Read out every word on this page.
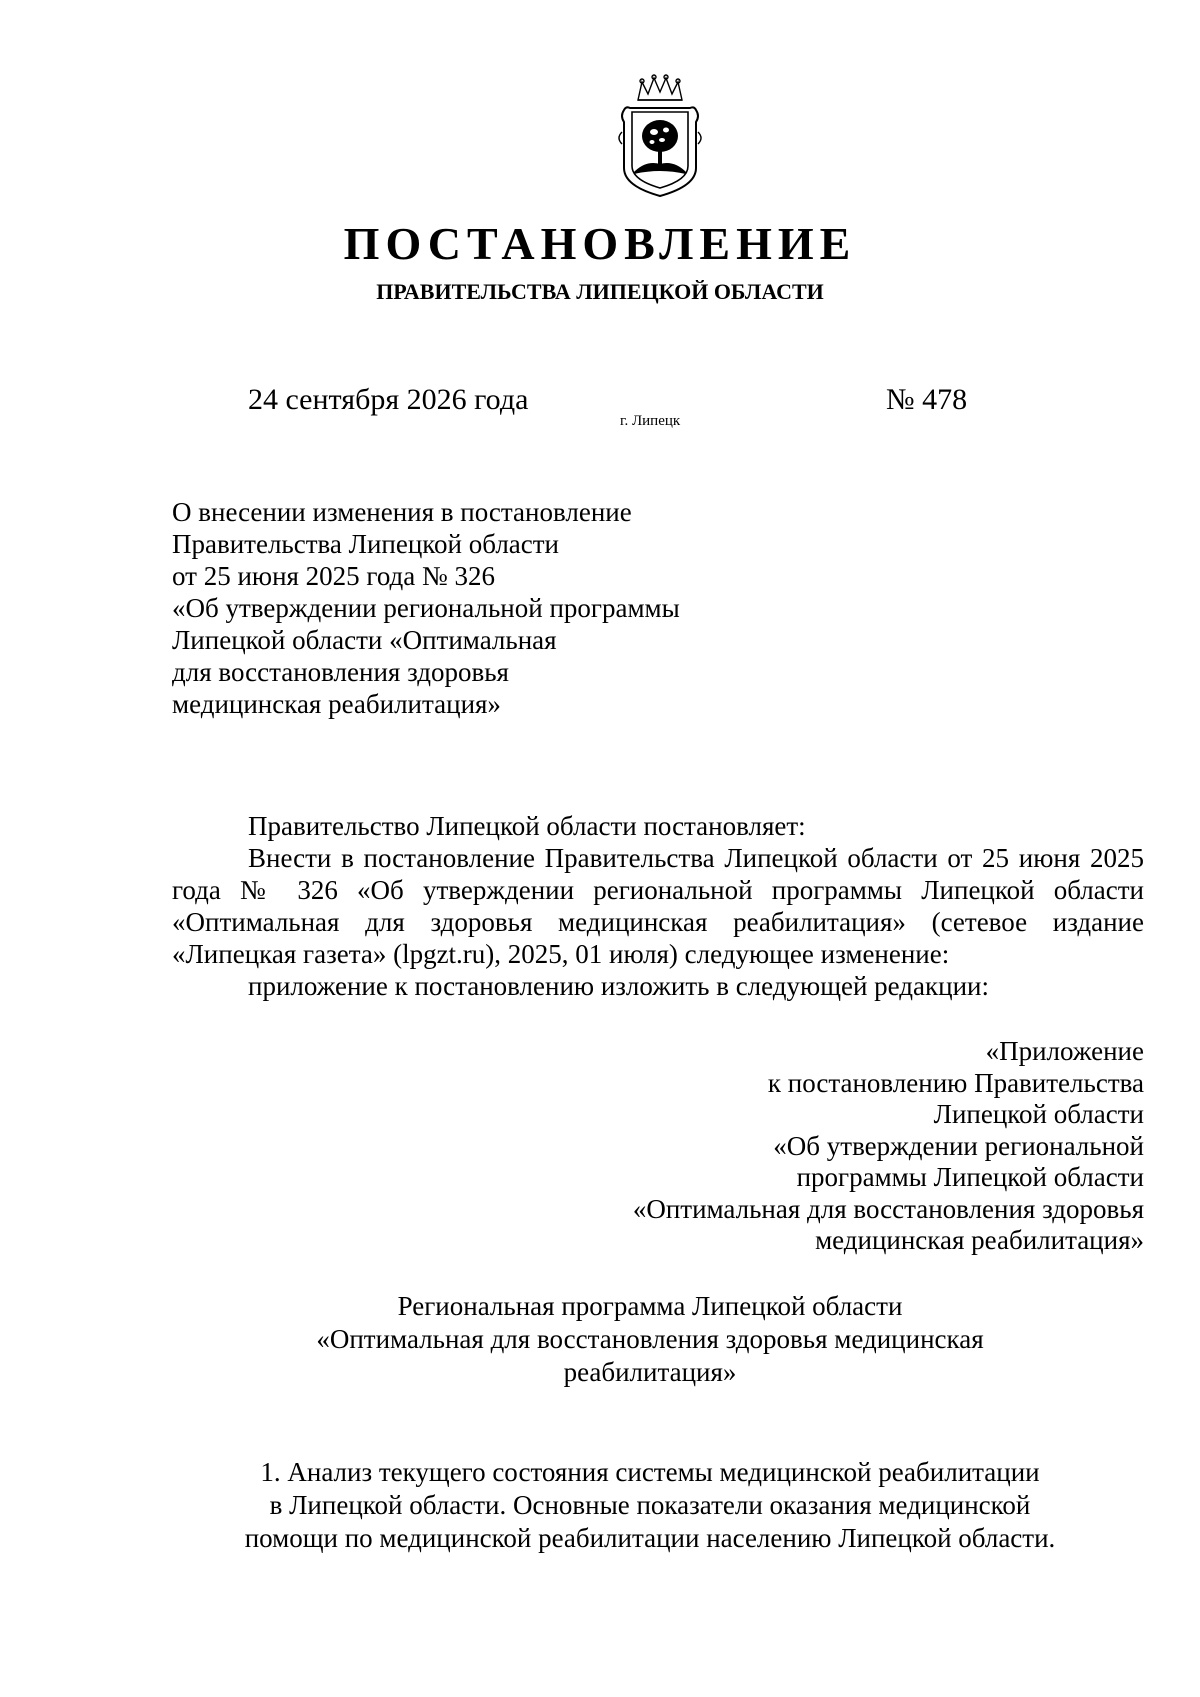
ПОСТАНОВЛЕНИЕ
ПРАВИТЕЛЬСТВА ЛИПЕЦКОЙ ОБЛАСТИ
24 сентября 2026 года
г. Липецк
№ 478
О внесении изменения в постановление
Правительства Липецкой области
от 25 июня 2025 года № 326
«Об утверждении региональной программы
Липецкой области «Оптимальная
для восстановления здоровья
медицинская реабилитация»

Правительство Липецкой области постановляет:

Внести в постановление Правительства Липецкой области от 25 июня 2025 года № 326 «Об утверждении региональной программы Липецкой области «Оптимальная для здоровья медицинская реабилитация» (сетевое издание «Липецкая газета» (lpgzt.ru), 2025, 01 июля) следующее изменение:

приложение к постановлению изложить в следующей редакции:

«Приложение
к постановлению Правительства
Липецкой области
«Об утверждении региональной
программы Липецкой области
«Оптимальная для восстановления здоровья
медицинская реабилитация»
Региональная программа Липецкой области
«Оптимальная для восстановления здоровья медицинская
реабилитация»
1. Анализ текущего состояния системы медицинской реабилитации
в Липецкой области. Основные показатели оказания медицинской
помощи по медицинской реабилитации населению Липецкой области.
